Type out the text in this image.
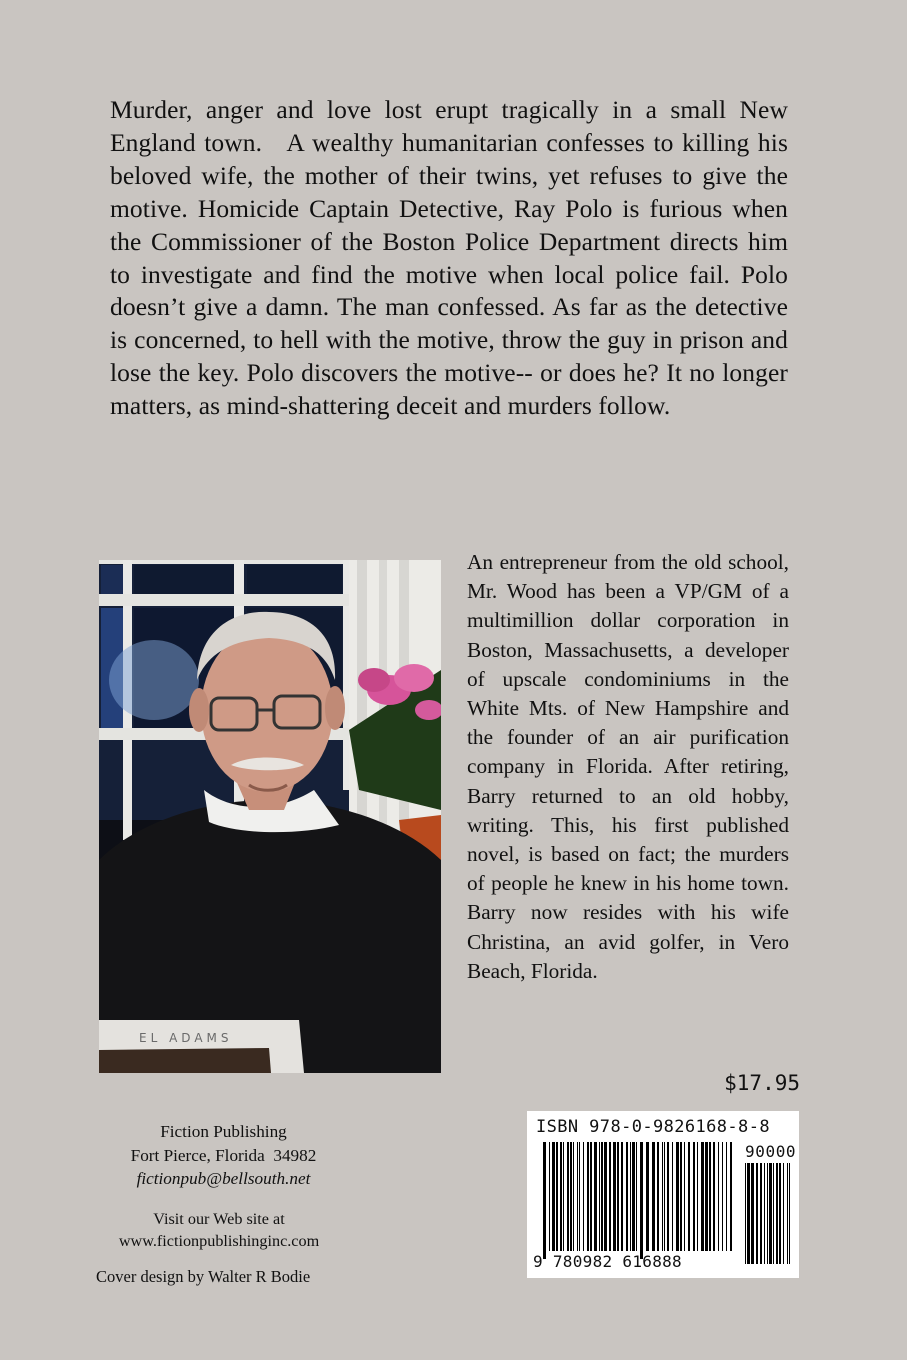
Murder, anger and love lost erupt tragically in a small New England town.   A wealthy humanitarian confesses to killing his beloved wife, the mother of their twins, yet refuses to give the motive. Homicide Captain Detective, Ray Polo is furious when the Commissioner of the Boston Police Department directs him to investigate and find the motive when local police fail. Polo doesn’t give a damn. The man confessed. As far as the detective is concerned, to hell with the motive, throw the guy in prison and lose the key. Polo discovers the motive-- or does he? It no longer matters, as mind-shattering deceit and murders follow.
EL ADAMS
An entrepreneur from the old school, Mr. Wood has been a VP/GM of a multimillion dollar corporation in Boston, Massachusetts, a developer of upscale condominiums in the White Mts. of New Hampshire and the founder of an air purification company in Florida. After retiring, Barry returned to an old hobby, writing. This, his first published novel, is based on fact; the murders of people he knew in his home town. Barry now resides with his wife Christina, an avid golfer, in Vero Beach, Florida.
$17.95
Fiction Publishing
Fort Pierce, Florida  34982
fictionpub@bellsouth.net
Visit our Web site at
www.fictionpublishinginc.com
Cover design by Walter R Bodie
ISBN 978-0-9826168-8-8
90000
9 780982 616888
